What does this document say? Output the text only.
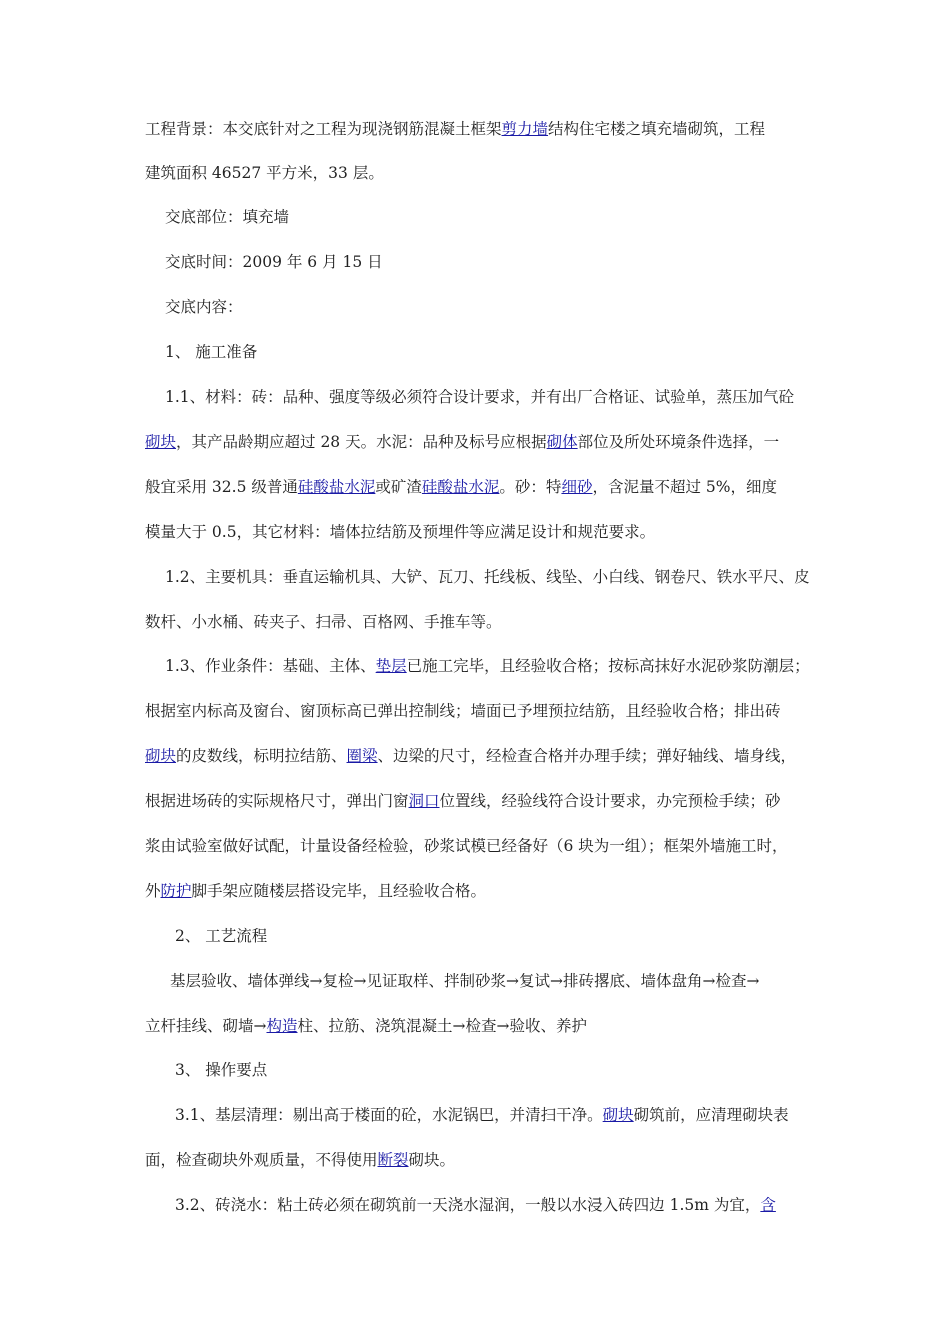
工程背景：本交底针对之工程为现浇钢筋混凝土框架剪力墙结构住宅楼之填充墙砌筑，工程
建筑面积 46527 平方米，33 层。
交底部位：填充墙
交底时间：2009 年 6 月 15 日
交底内容：
1、 施工准备
1.1、材料：砖：品种、强度等级必须符合设计要求，并有出厂合格证、试验单，蒸压加气砼
砌块，其产品龄期应超过 28 天。水泥：品种及标号应根据砌体部位及所处环境条件选择，一
般宜采用 32.5 级普通硅酸盐水泥或矿渣硅酸盐水泥。砂：特细砂，含泥量不超过 5%，细度
模量大于 0.5，其它材料：墙体拉结筋及预埋件等应满足设计和规范要求。
1.2、主要机具：垂直运输机具、大铲、瓦刀、托线板、线坠、小白线、钢卷尺、铁水平尺、皮
数杆、小水桶、砖夹子、扫帚、百格网、手推车等。
1.3、作业条件：基础、主体、垫层已施工完毕，且经验收合格；按标高抹好水泥砂浆防潮层；
根据室内标高及窗台、窗顶标高已弹出控制线；墙面已予埋预拉结筋，且经验收合格；排出砖
砌块的皮数线，标明拉结筋、圈梁、边梁的尺寸，经检查合格并办理手续；弹好轴线、墙身线，
根据进场砖的实际规格尺寸，弹出门窗洞口位置线，经验线符合设计要求，办完预检手续；砂
浆由试验室做好试配，计量设备经检验，砂浆试模已经备好（6 块为一组）；框架外墙施工时，
外防护脚手架应随楼层搭设完毕，且经验收合格。
2、 工艺流程
基层验收、墙体弹线→复检→见证取样、拌制砂浆→复试→排砖撂底、墙体盘角→检查→
立杆挂线、砌墙→构造柱、拉筋、浇筑混凝土→检查→验收、养护
3、 操作要点
3.1、基层清理：剔出高于楼面的砼，水泥锅巴，并清扫干净。砌块砌筑前，应清理砌块表
面，检查砌块外观质量，不得使用断裂砌块。
3.2、砖浇水：粘土砖必须在砌筑前一天浇水湿润，一般以水浸入砖四边 1.5m 为宜，含
